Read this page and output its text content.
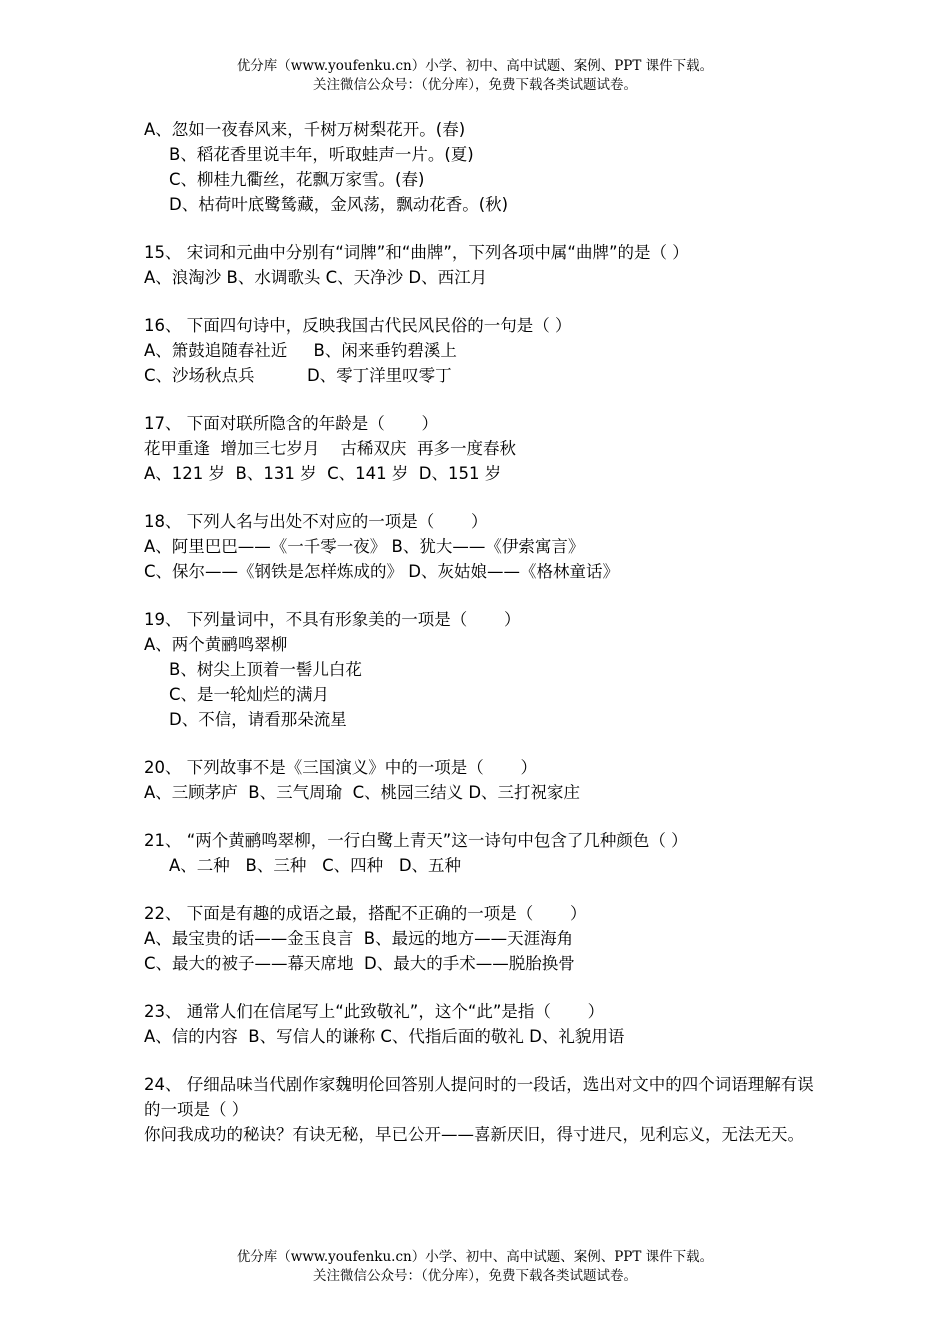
优分库（www.youfenku.cn）小学、初中、高中试题、案例、PPT 课件下载。
关注微信公众号：（优分库），免费下载各类试题试卷。
A、忽如一夜春风来，千树万树梨花开。(春)
B、稻花香里说丰年，听取蛙声一片。(夏)
C、柳桂九衢丝，花飘万家雪。(春)
D、枯荷叶底鹭鸶藏，金风荡，飘动花香。(秋)
15、 宋词和元曲中分别有“词牌”和“曲牌”，下列各项中属“曲牌”的是（ ）
A、浪淘沙 B、水调歌头 C、天净沙 D、西江月
16、 下面四句诗中，反映我国古代民风民俗的一句是（ ）
A、箫鼓追随春社近     B、闲来垂钓碧溪上
C、沙场秋点兵          D、零丁洋里叹零丁
17、 下面对联所隐含的年龄是（       ）
花甲重逢  增加三七岁月    古稀双庆  再多一度春秋
A、121 岁  B、131 岁  C、141 岁  D、151 岁
18、 下列人名与出处不对应的一项是（       ）
A、阿里巴巴——《一千零一夜》 B、犹大——《伊索寓言》
C、保尔——《钢铁是怎样炼成的》 D、灰姑娘——《格林童话》
19、 下列量词中，不具有形象美的一项是（       ）
A、两个黄鹂鸣翠柳
B、树尖上顶着一髻儿白花
C、是一轮灿烂的满月
D、不信，请看那朵流星
20、 下列故事不是《三国演义》中的一项是（       ）
A、三顾茅庐  B、三气周瑜  C、桃园三结义 D、三打祝家庄
21、 “两个黄鹂鸣翠柳，一行白鹭上青天”这一诗句中包含了几种颜色（ ）
A、二种   B、三种   C、四种   D、五种
22、 下面是有趣的成语之最，搭配不正确的一项是（       ）
A、最宝贵的话——金玉良言  B、最远的地方——天涯海角
C、最大的被子——幕天席地  D、最大的手术——脱胎换骨
23、 通常人们在信尾写上“此致敬礼”，这个“此”是指（       ）
A、信的内容  B、写信人的谦称 C、代指后面的敬礼 D、礼貌用语
24、 仔细品味当代剧作家魏明伦回答别人提问时的一段话，选出对文中的四个词语理解有误的一项是（ ）
你问我成功的秘诀？有诀无秘，早已公开——喜新厌旧，得寸进尺，见利忘义，无法无天。
优分库（www.youfenku.cn）小学、初中、高中试题、案例、PPT 课件下载。
关注微信公众号：（优分库），免费下载各类试题试卷。
